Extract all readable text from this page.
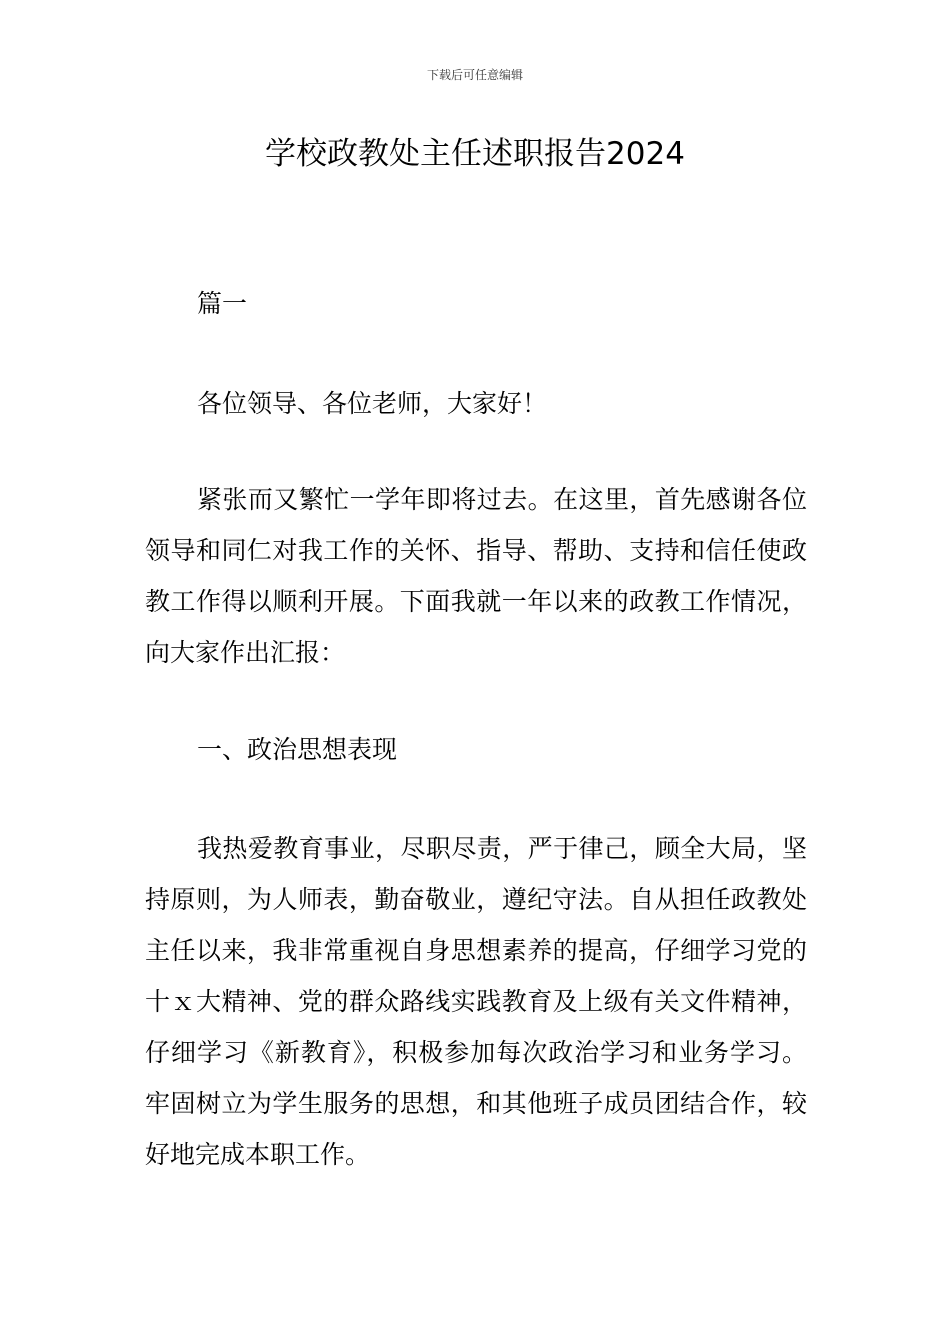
下载后可任意编辑
学校政教处主任述职报告2024
篇一
各位领导、各位老师，大家好！
紧张而又繁忙一学年即将过去。在这里，首先感谢各位领导和同仁对我工作的关怀、指导、帮助、支持和信任使政教工作得以顺利开展。下面我就一年以来的政教工作情况，向大家作出汇报：
一、政治思想表现
我热爱教育事业，尽职尽责，严于律己，顾全大局，坚持原则，为人师表，勤奋敬业，遵纪守法。自从担任政教处主任以来，我非常重视自身思想素养的提高，仔细学习党的十ｘ大精神、党的群众路线实践教育及上级有关文件精神，仔细学习《新教育》，积极参加每次政治学习和业务学习。牢固树立为学生服务的思想，和其他班子成员团结合作，较好地完成本职工作。
